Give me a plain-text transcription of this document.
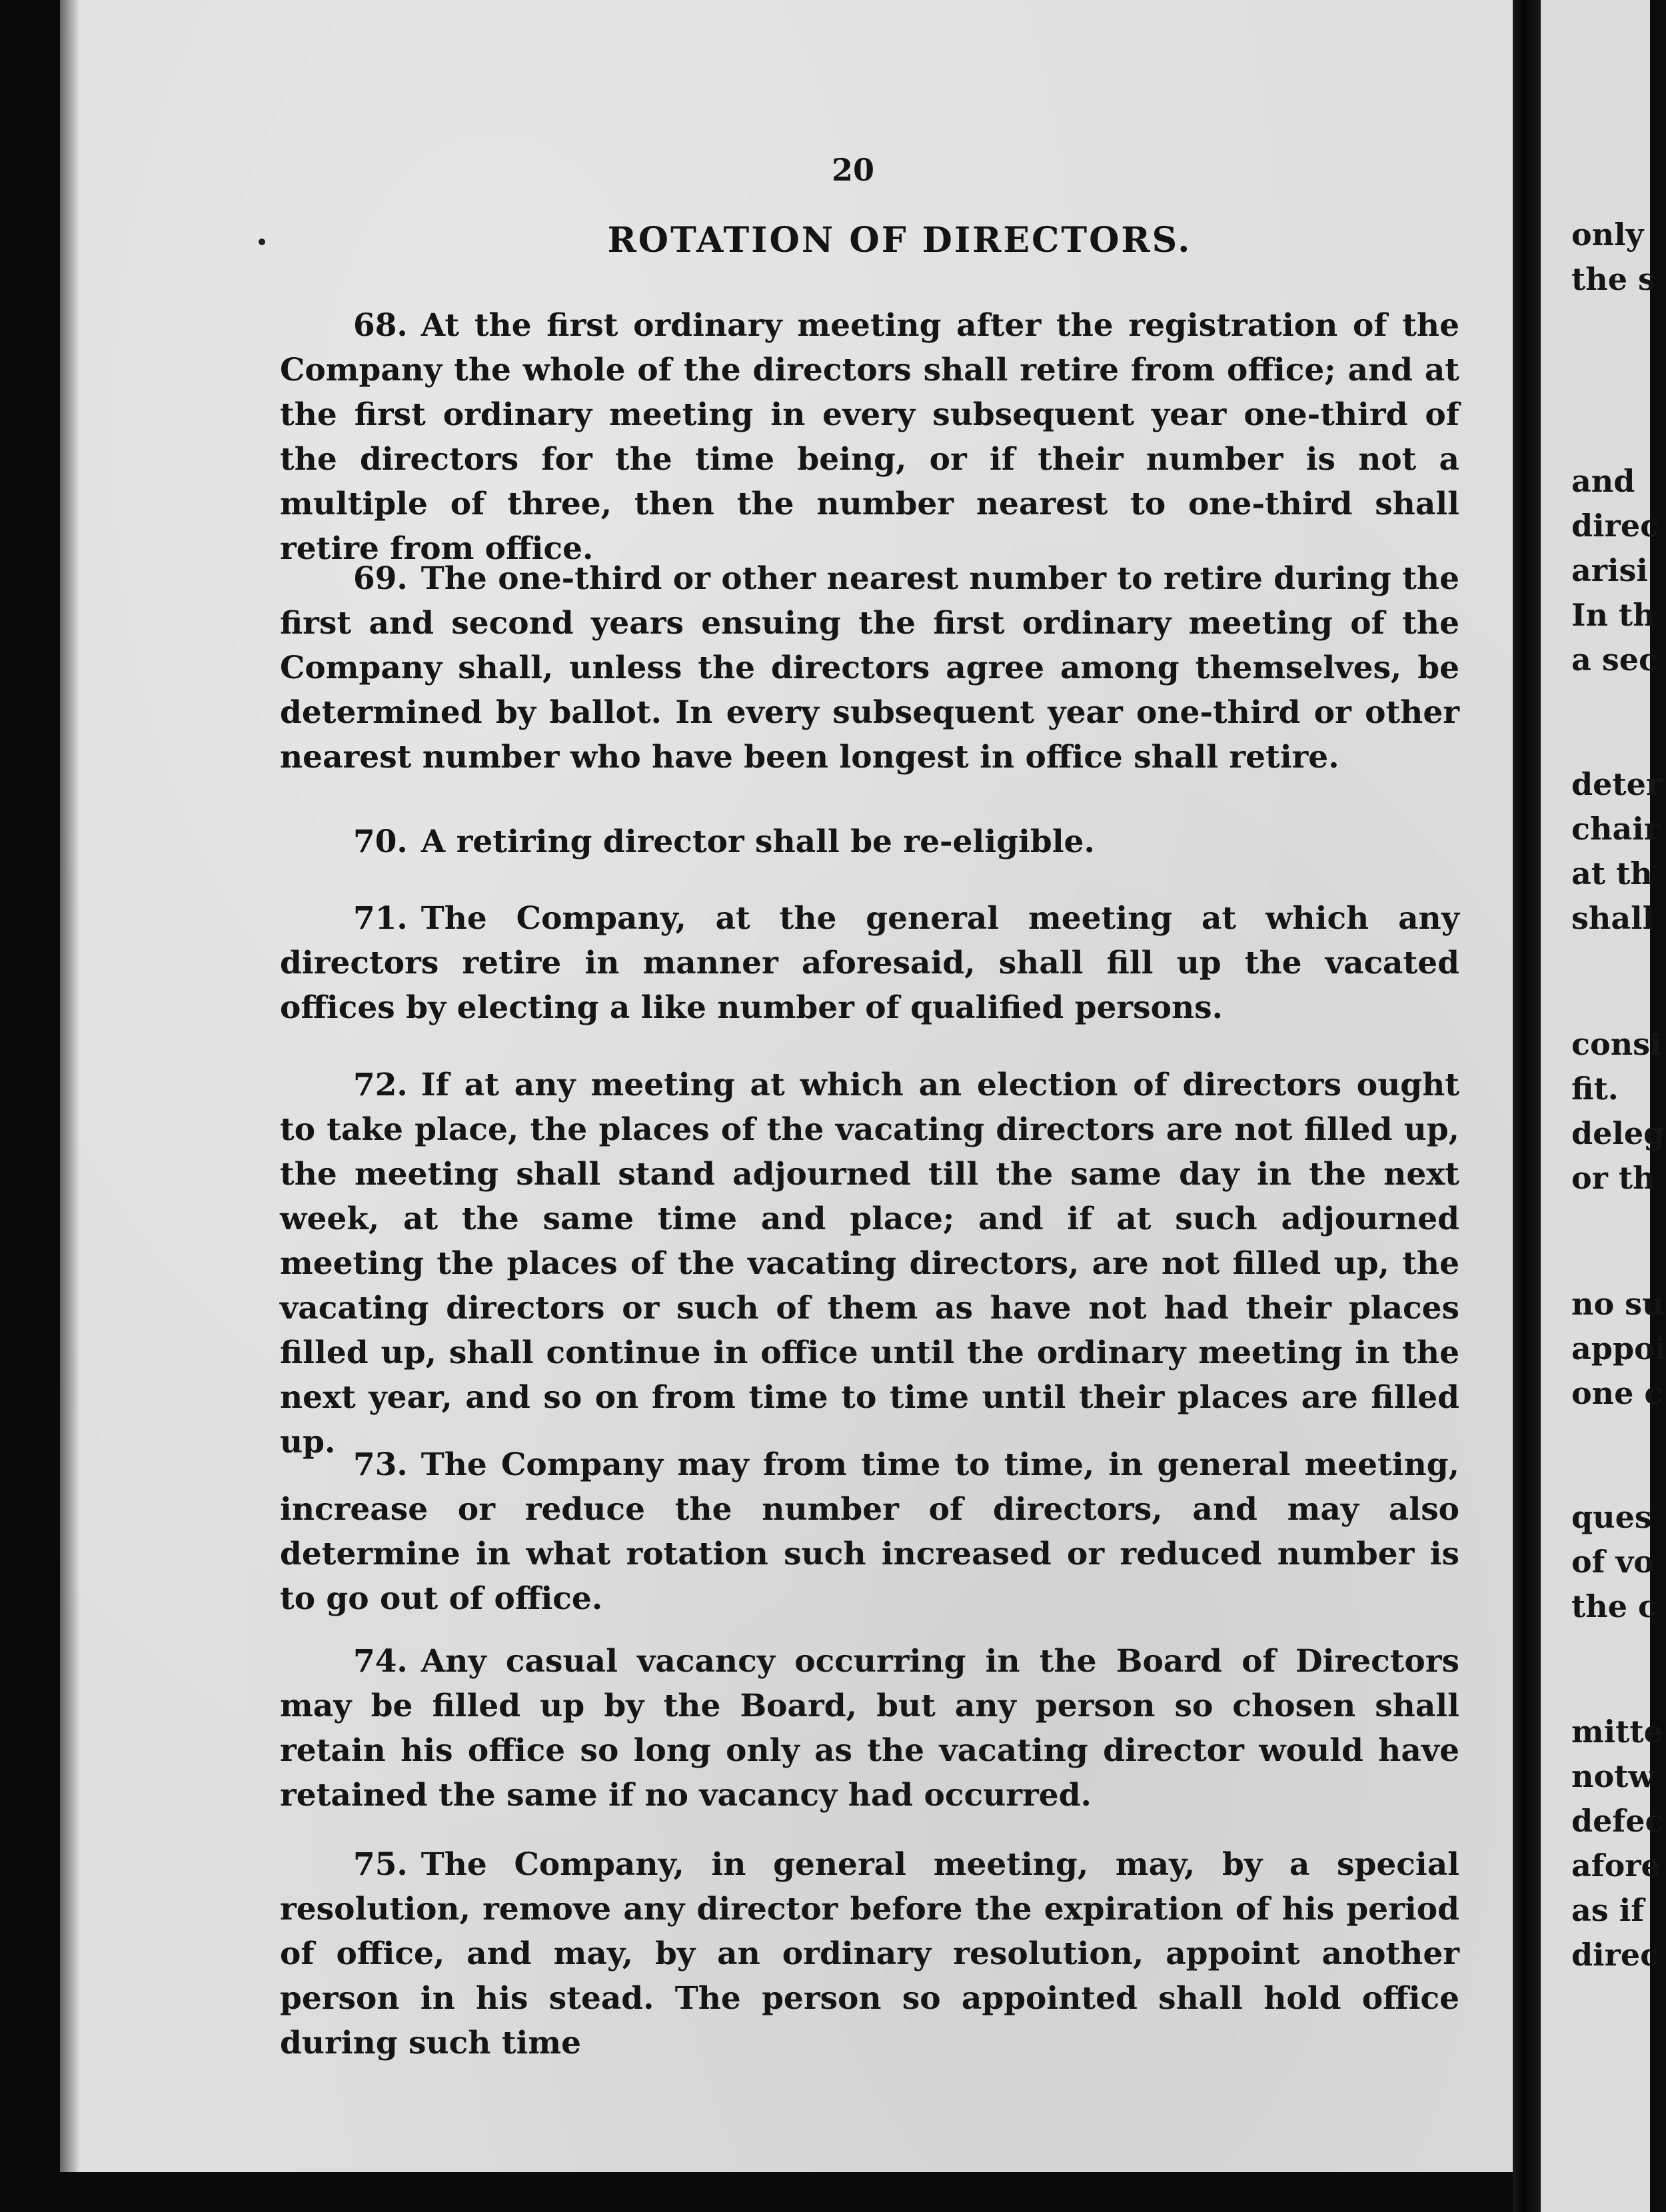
20
ROTATION OF DIRECTORS.
68. At the first ordinary meeting after the registration of the Company the whole of the directors shall retire from office; and at the first ordinary meeting in every subsequent year one-third of the directors for the time being, or if their number is not a multiple of three, then the number nearest to one-third shall retire from office.
69. The one-third or other nearest number to retire during the first and second years ensuing the first ordinary meeting of the Company shall, unless the directors agree among themselves, be determined by ballot. In every subsequent year one-third or other nearest number who have been longest in office shall retire.
70. A retiring director shall be re-eligible.
71. The Company, at the general meeting at which any directors retire in manner aforesaid, shall fill up the vacated offices by electing a like number of qualified persons.
72. If at any meeting at which an election of directors ought to take place, the places of the vacating directors are not filled up, the meeting shall stand adjourned till the same day in the next week, at the same time and place; and if at such adjourned meeting the places of the vacating directors, are not filled up, the vacating directors or such of them as have not had their places filled up, shall continue in office until the ordinary meeting in the next year, and so on from time to time until their places are filled up.
73. The Company may from time to time, in general meeting, increase or reduce the number of directors, and may also determine in what rotation such increased or reduced number is to go out of office.
74. Any casual vacancy occurring in the Board of Directors may be filled up by the Board, but any person so chosen shall retain his office so long only as the vacating director would have retained the same if no vacancy had occurred.
75. The Company, in general meeting, may, by a special resolution, remove any director before the expiration of his period of office, and may, by an ordinary resolution, appoint another person in his stead. The person so appointed shall hold office during such time
only
the s
and
direc
arisi
In th
a sec
deter
chair
at th
shall
consi
fit.
deleg
or th
no su
appoi
one c
ques
of vo
the c
mitte
notw
defec
afore
as if
direc
